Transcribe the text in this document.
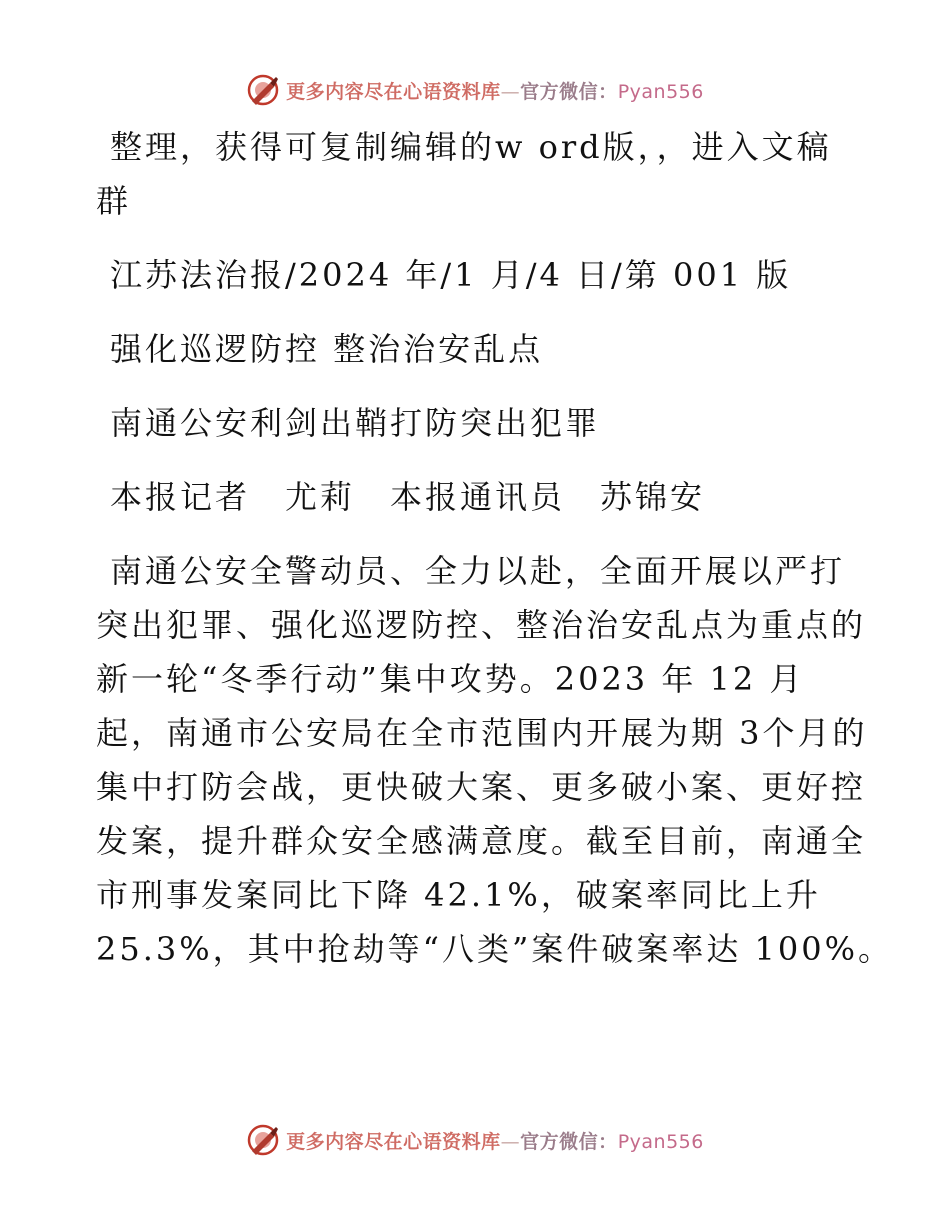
更多内容尽在心语资料库—官方微信：Pyan556
整理，获得可复制编辑的w ord版，，进入文稿
群
江苏法治报/2024 年/1 月/4 日/第 001 版
强化巡逻防控 整治治安乱点
南通公安利剑出鞘打防突出犯罪
本报记者　尤莉　本报通讯员　苏锦安
南通公安全警动员、全力以赴，全面开展以严打
突出犯罪、强化巡逻防控、整治治安乱点为重点的
新一轮“冬季行动”集中攻势。2023 年 12 月
起，南通市公安局在全市范围内开展为期 3个月的
集中打防会战，更快破大案、更多破小案、更好控
发案，提升群众安全感满意度。截至目前，南通全
市刑事发案同比下降 42.1%，破案率同比上升
25.3%，其中抢劫等“八类”案件破案率达 100%。
更多内容尽在心语资料库—官方微信：Pyan556
